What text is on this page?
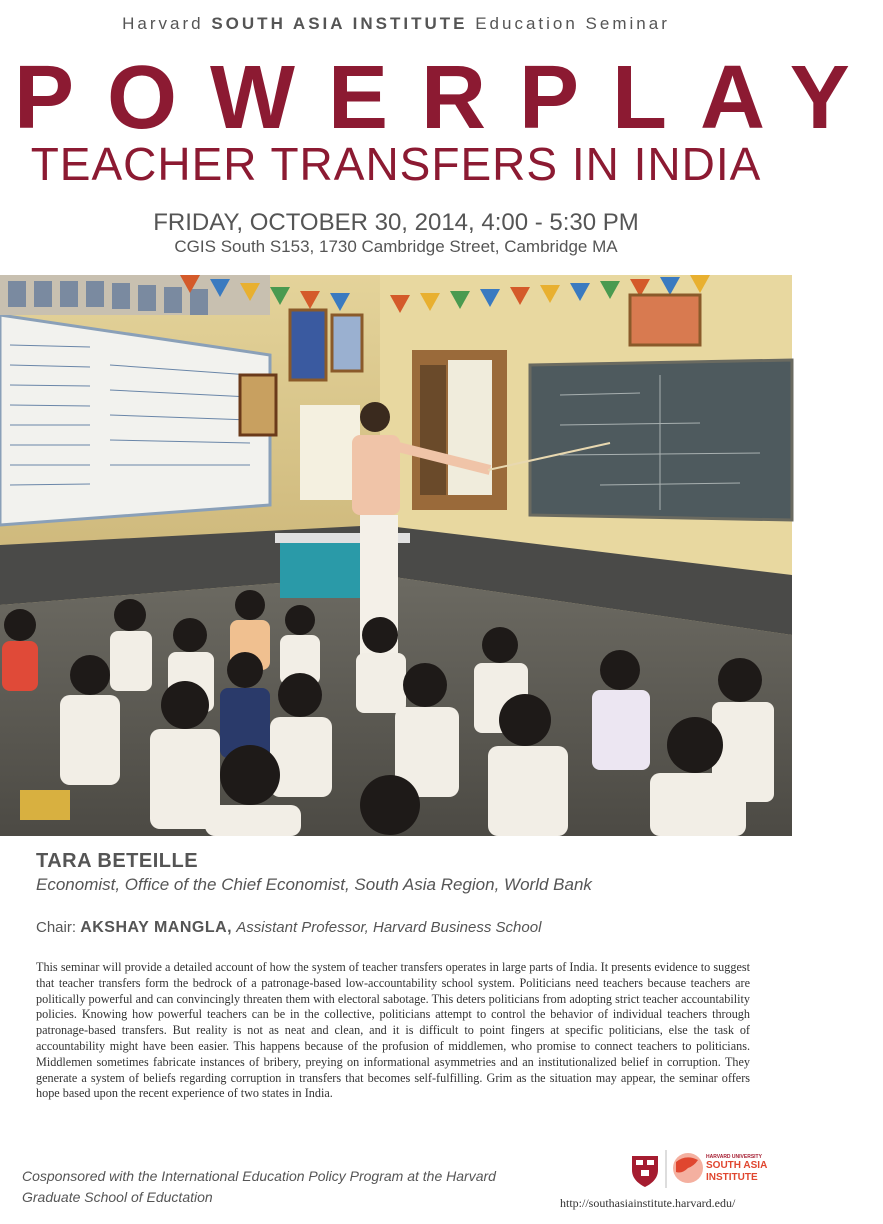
Harvard SOUTH ASIA INSTITUTE Education Seminar
POWERPLAY
TEACHER TRANSFERS IN INDIA
FRIDAY, OCTOBER 30, 2014, 4:00 - 5:30 PM
CGIS South S153, 1730 Cambridge Street, Cambridge MA
TARA BETEILLE
Economist, Office of the Chief Economist, South Asia Region, World Bank
Chair: AKSHAY MANGLA, Assistant Professor, Harvard Business School
This seminar will provide a detailed account of how the system of teacher transfers operates in large parts of India. It presents evidence to suggest that teacher transfers form the bedrock of a patronage-based low-accountability school system. Politicians need teachers because teachers are politically powerful and can convincingly threaten them with electoral sabotage. This deters politicians from adopting strict teacher accountability policies. Knowing how powerful teachers can be in the collective, politicians attempt to control the behavior of individual teachers through patronage-based transfers. But reality is not as neat and clean, and it is difficult to point fingers at specific politicians, else the task of accountability might have been easier. This happens because of the profusion of middlemen, who promise to connect teachers to politicians. Middlemen sometimes fabricate instances of bribery, preying on informational asymmetries and an institutionalized belief in corruption. They generate a system of beliefs regarding corruption in transfers that becomes self-fulfilling. Grim as the situation may appear, the seminar offers hope based upon the recent experience of two states in India.
Cosponsored with the International Education Policy Program at the Harvard Graduate School of Eductation
HARVARD UNIVERSITY
SOUTH ASIA
INSTITUTE
http://southasiainstitute.harvard.edu/
